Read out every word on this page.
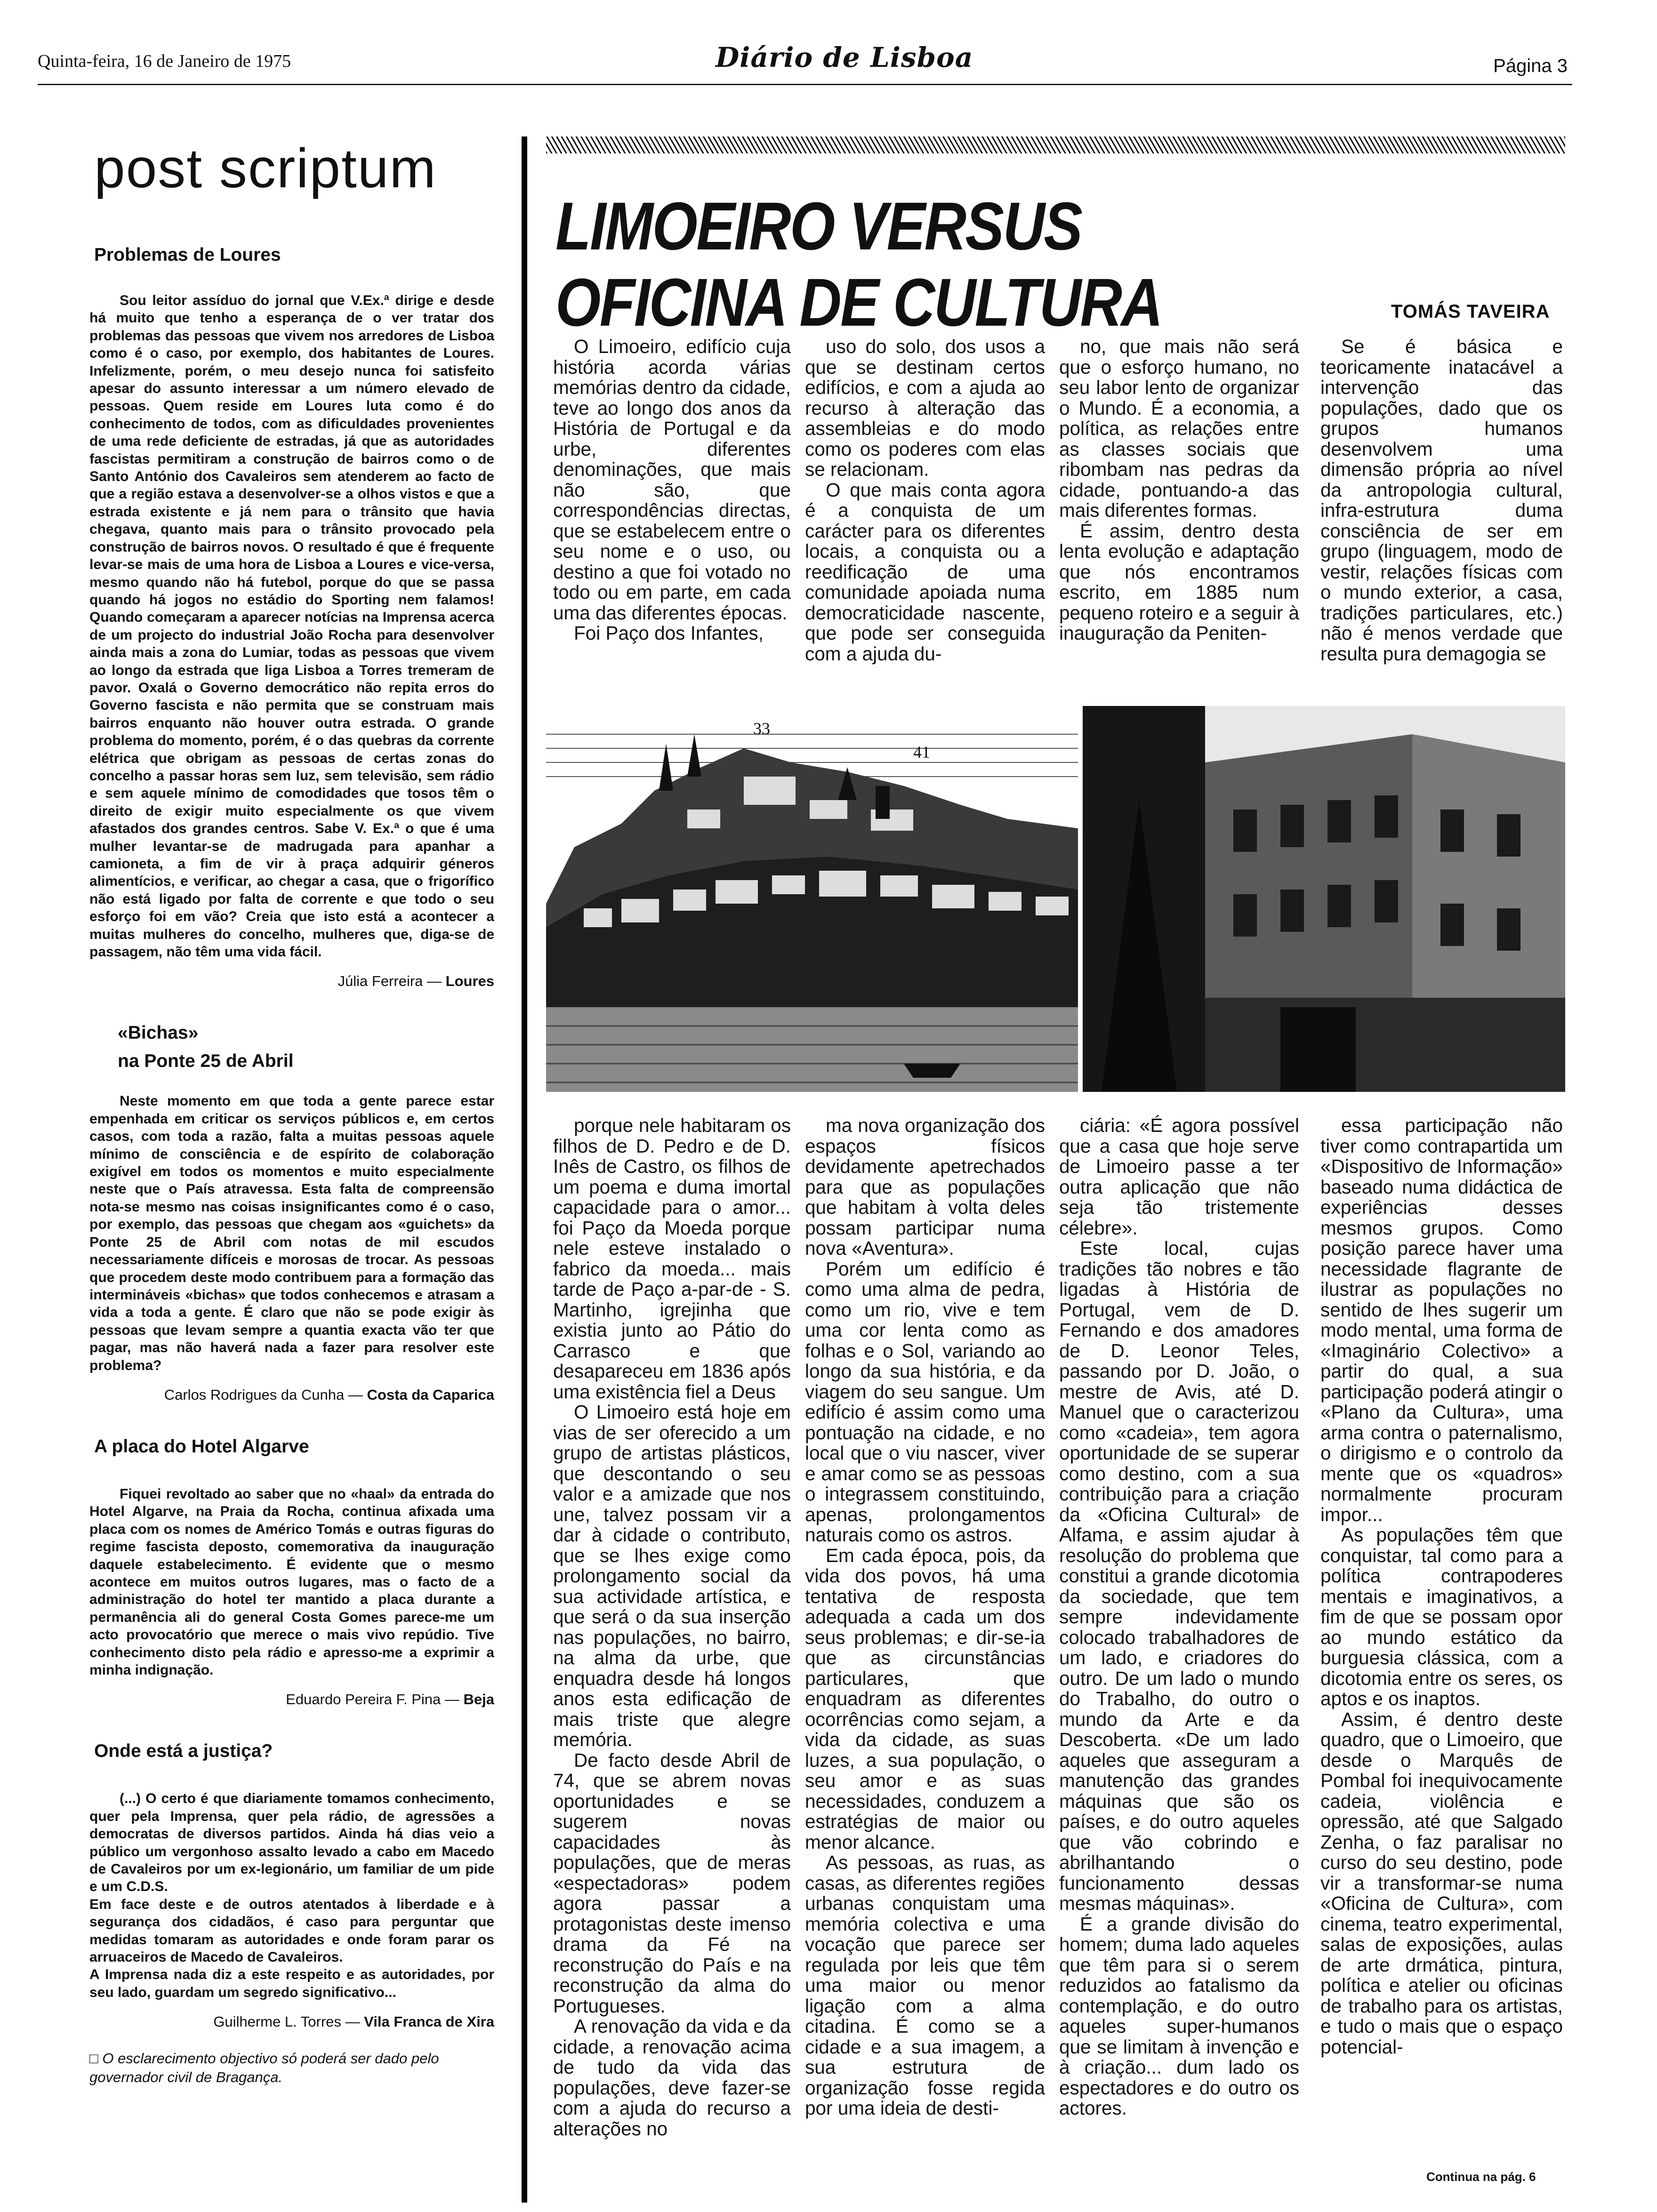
Quinta-feira, 16 de Janeiro de 1975	Diário de Lisboa	Página 3
post scriptum
Problemas de Loures

Sou leitor assíduo do jornal que V.Ex.ª dirige e desde há muito que tenho a esperança de o ver tratar dos problemas das pessoas que vivem nos arredores de Lisboa como é o caso, por exemplo, dos habitantes de Loures. Infelizmente, porém, o meu desejo nunca foi satisfeito apesar do assunto interessar a um número elevado de pessoas. Quem reside em Loures luta como é do conhecimento de todos, com as dificuldades provenientes de uma rede deficiente de estradas, já que as autoridades fascistas permitiram a construção de bairros como o de Santo António dos Cavaleiros sem atenderem ao facto de que a região estava a desenvolver-se a olhos vistos e que a estrada existente e já nem para o trânsito que havia chegava, quanto mais para o trânsito provocado pela construção de bairros novos. O resultado é que é frequente levar-se mais de uma hora de Lisboa a Loures e vice-versa, mesmo quando não há futebol, porque do que se passa quando há jogos no estádio do Sporting nem falamos! Quando começaram a aparecer notícias na Imprensa acerca de um projecto do industrial João Rocha para desenvolver ainda mais a zona do Lumiar, todas as pessoas que vivem ao longo da estrada que liga Lisboa a Torres tremeram de pavor. Oxalá o Governo democrático não repita erros do Governo fascista e não permita que se construam mais bairros enquanto não houver outra estrada. O grande problema do momento, porém, é o das quebras da corrente elétrica que obrigam as pessoas de certas zonas do concelho a passar horas sem luz, sem televisão, sem rádio e sem aquele mínimo de comodidades que tosos têm o direito de exigir muito especialmente os que vivem afastados dos grandes centros. Sabe V. Ex.ª o que é uma mulher levantar-se de madrugada para apanhar a camioneta, a fim de vir à praça adquirir géneros alimentícios, e verificar, ao chegar a casa, que o frigorífico não está ligado por falta de corrente e que todo o seu esforço foi em vão? Creia que isto está a acontecer a muitas mulheres do concelho, mulheres que, diga-se de passagem, não têm uma vida fácil.

Júlia Ferreira — Loures
«Bichas»
na Ponte 25 de Abril

Neste momento em que toda a gente parece estar empenhada em criticar os serviços públicos e, em certos casos, com toda a razão, falta a muitas pessoas aquele mínimo de consciência e de espírito de colaboração exigível em todos os momentos e muito especialmente neste que o País atravessa. Esta falta de compreensão nota-se mesmo nas coisas insignificantes como é o caso, por exemplo, das pessoas que chegam aos «guichets» da Ponte 25 de Abril com notas de mil escudos necessariamente difíceis e morosas de trocar. As pessoas que procedem deste modo contribuem para a formação das intermináveis «bichas» que todos conhecemos e atrasam a vida a toda a gente. É claro que não se pode exigir às pessoas que levam sempre a quantia exacta vão ter que pagar, mas não haverá nada a fazer para resolver este problema?

Carlos Rodrigues da Cunha — Costa da Caparica
A placa do Hotel Algarve

Fiquei revoltado ao saber que no «haal» da entrada do Hotel Algarve, na Praia da Rocha, continua afixada uma placa com os nomes de Américo Tomás e outras figuras do regime fascista deposto, comemorativa da inauguração daquele estabelecimento. É evidente que o mesmo acontece em muitos outros lugares, mas o facto de a administração do hotel ter mantido a placa durante a permanência ali do general Costa Gomes parece-me um acto provocatório que merece o mais vivo repúdio. Tive conhecimento disto pela rádio e apresso-me a exprimir a minha indignação.

Eduardo Pereira F. Pina — Beja
Onde está a justiça?

(...) O certo é que diariamente tomamos conhecimento, quer pela Imprensa, quer pela rádio, de agressões a democratas de diversos partidos. Ainda há dias veio a público um vergonhoso assalto levado a cabo em Macedo de Cavaleiros por um ex-legionário, um familiar de um pide e um C.D.S.
Em face deste e de outros atentados à liberdade e à segurança dos cidadãos, é caso para perguntar que medidas tomaram as autoridades e onde foram parar os arruaceiros de Macedo de Cavaleiros.
A Imprensa nada diz a este respeito e as autoridades, por seu lado, guardam um segredo significativo...

Guilherme L. Torres — Vila Franca de Xira
□ O esclarecimento objectivo só poderá ser dado pelo governador civil de Bragança.
LIMOEIRO VERSUS
OFICINA DE CULTURA	TOMÁS TAVEIRA

O Limoeiro, edifício cuja história acorda várias memórias dentro da cidade, teve ao longo dos anos da História de Portugal e da urbe, diferentes denominações, que mais não são, que correspondências directas, que se estabelecem entre o seu nome e o uso, ou destino a que foi votado no todo ou em parte, em cada uma das diferentes épocas.

Foi Paço dos Infantes,

uso do solo, dos usos a que se destinam certos edifícios, e com a ajuda ao recurso à alteração das assembleias e do modo como os poderes com elas se relacionam.

O que mais conta agora é a conquista de um carácter para os diferentes locais, a conquista ou a reedificação de uma comunidade apoiada numa democraticidade nascente, que pode ser conseguida com a ajuda du-

no, que mais não será que o esforço humano, no seu labor lento de organizar o Mundo. É a economia, a política, as relações entre as classes sociais que ribombam nas pedras da cidade, pontuando-a das mais diferentes formas.

É assim, dentro desta lenta evolução e adaptação que nós encontramos escrito, em 1885 num pequeno roteiro e a seguir à inauguração da Peniten-

Se é básica e teoricamente inatacável a intervenção das populações, dado que os grupos humanos desenvolvem uma dimensão própria ao nível da antropologia cultural, infra-estrutura duma consciência de ser em grupo (linguagem, modo de vestir, relações físicas com o mundo exterior, a casa, tradições particulares, etc.) não é menos verdade que resulta pura demagogia se

33
41

porque nele habitaram os filhos de D. Pedro e de D. Inês de Castro, os filhos de um poema e duma imortal capacidade para o amor... foi Paço da Moeda porque nele esteve instalado o fabrico da moeda... mais tarde de Paço a-par-de - S. Martinho, igrejinha que existia junto ao Pátio do Carrasco e que desapareceu em 1836 após uma existência fiel a Deus

O Limoeiro está hoje em vias de ser oferecido a um grupo de artistas plásticos, que descontando o seu valor e a amizade que nos une, talvez possam vir a dar à cidade o contributo, que se lhes exige como prolongamento social da sua actividade artística, e que será o da sua inserção nas populações, no bairro, na alma da urbe, que enquadra desde há longos anos esta edificação de mais triste que alegre memória.

De facto desde Abril de 74, que se abrem novas oportunidades e se sugerem novas capacidades às populações, que de meras «espectadoras» podem agora passar a protagonistas deste imenso drama da Fé na reconstrução do País e na reconstrução da alma do Portugueses.

A renovação da vida e da cidade, a renovação acima de tudo da vida das populações, deve fazer-se com a ajuda do recurso a alterações no

ma nova organização dos espaços físicos devidamente apetrechados para que as populações que habitam à volta deles possam participar numa nova «Aventura».

Porém um edifício é como uma alma de pedra, como um rio, vive e tem uma cor lenta como as folhas e o Sol, variando ao longo da sua história, e da viagem do seu sangue. Um edifício é assim como uma pontuação na cidade, e no local que o viu nascer, viver e amar como se as pessoas o integrassem constituindo, apenas, prolongamentos naturais como os astros.

Em cada época, pois, da vida dos povos, há uma tentativa de resposta adequada a cada um dos seus problemas; e dir-se-ia que as circunstâncias particulares, que enquadram as diferentes ocorrências como sejam, a vida da cidade, as suas luzes, a sua população, o seu amor e as suas necessidades, conduzem a estratégias de maior ou menor alcance.

As pessoas, as ruas, as casas, as diferentes regiões urbanas conquistam uma memória colectiva e uma vocação que parece ser regulada por leis que têm uma maior ou menor ligação com a alma citadina. É como se a cidade e a sua imagem, a sua estrutura de organização fosse regida por uma ideia de desti-

ciária: «É agora possível que a casa que hoje serve de Limoeiro passe a ter outra aplicação que não seja tão tristemente célebre».

Este local, cujas tradições tão nobres e tão ligadas à História de Portugal, vem de D. Fernando e dos amadores de D. Leonor Teles, passando por D. João, o mestre de Avis, até D. Manuel que o caracterizou como «cadeia», tem agora oportunidade de se superar como destino, com a sua contribuição para a criação da «Oficina Cultural» de Alfama, e assim ajudar à resolução do problema que constitui a grande dicotomia da sociedade, que tem sempre indevidamente colocado trabalhadores de um lado, e criadores do outro. De um lado o mundo do Trabalho, do outro o mundo da Arte e da Descoberta. «De um lado aqueles que asseguram a manutenção das grandes máquinas que são os países, e do outro aqueles que vão cobrindo e abrilhantando o funcionamento dessas mesmas máquinas».

É a grande divisão do homem; duma lado aqueles que têm para si o serem reduzidos ao fatalismo da contemplação, e do outro aqueles super-humanos que se limitam à invenção e à criação... dum lado os espectadores e do outro os actores.

essa participação não tiver como contrapartida um «Dispositivo de Informação» baseado numa didáctica de experiências desses mesmos grupos. Como posição parece haver uma necessidade flagrante de ilustrar as populações no sentido de lhes sugerir um modo mental, uma forma de «Imaginário Colectivo» a partir do qual, a sua participação poderá atingir o «Plano da Cultura», uma arma contra o paternalismo, o dirigismo e o controlo da mente que os «quadros» normalmente procuram impor...

As populações têm que conquistar, tal como para a política contrapoderes mentais e imaginativos, a fim de que se possam opor ao mundo estático da burguesia clássica, com a dicotomia entre os seres, os aptos e os inaptos.

Assim, é dentro deste quadro, que o Limoeiro, que desde o Marquês de Pombal foi inequivocamente cadeia, violência e opressão, até que Salgado Zenha, o faz paralisar no curso do seu destino, pode vir a transformar-se numa «Oficina de Cultura», com cinema, teatro experimental, salas de exposições, aulas de arte drmática, pintura, política e atelier ou oficinas de trabalho para os artistas, e tudo o mais que o espaço potencial-

Continua na pág. 6
